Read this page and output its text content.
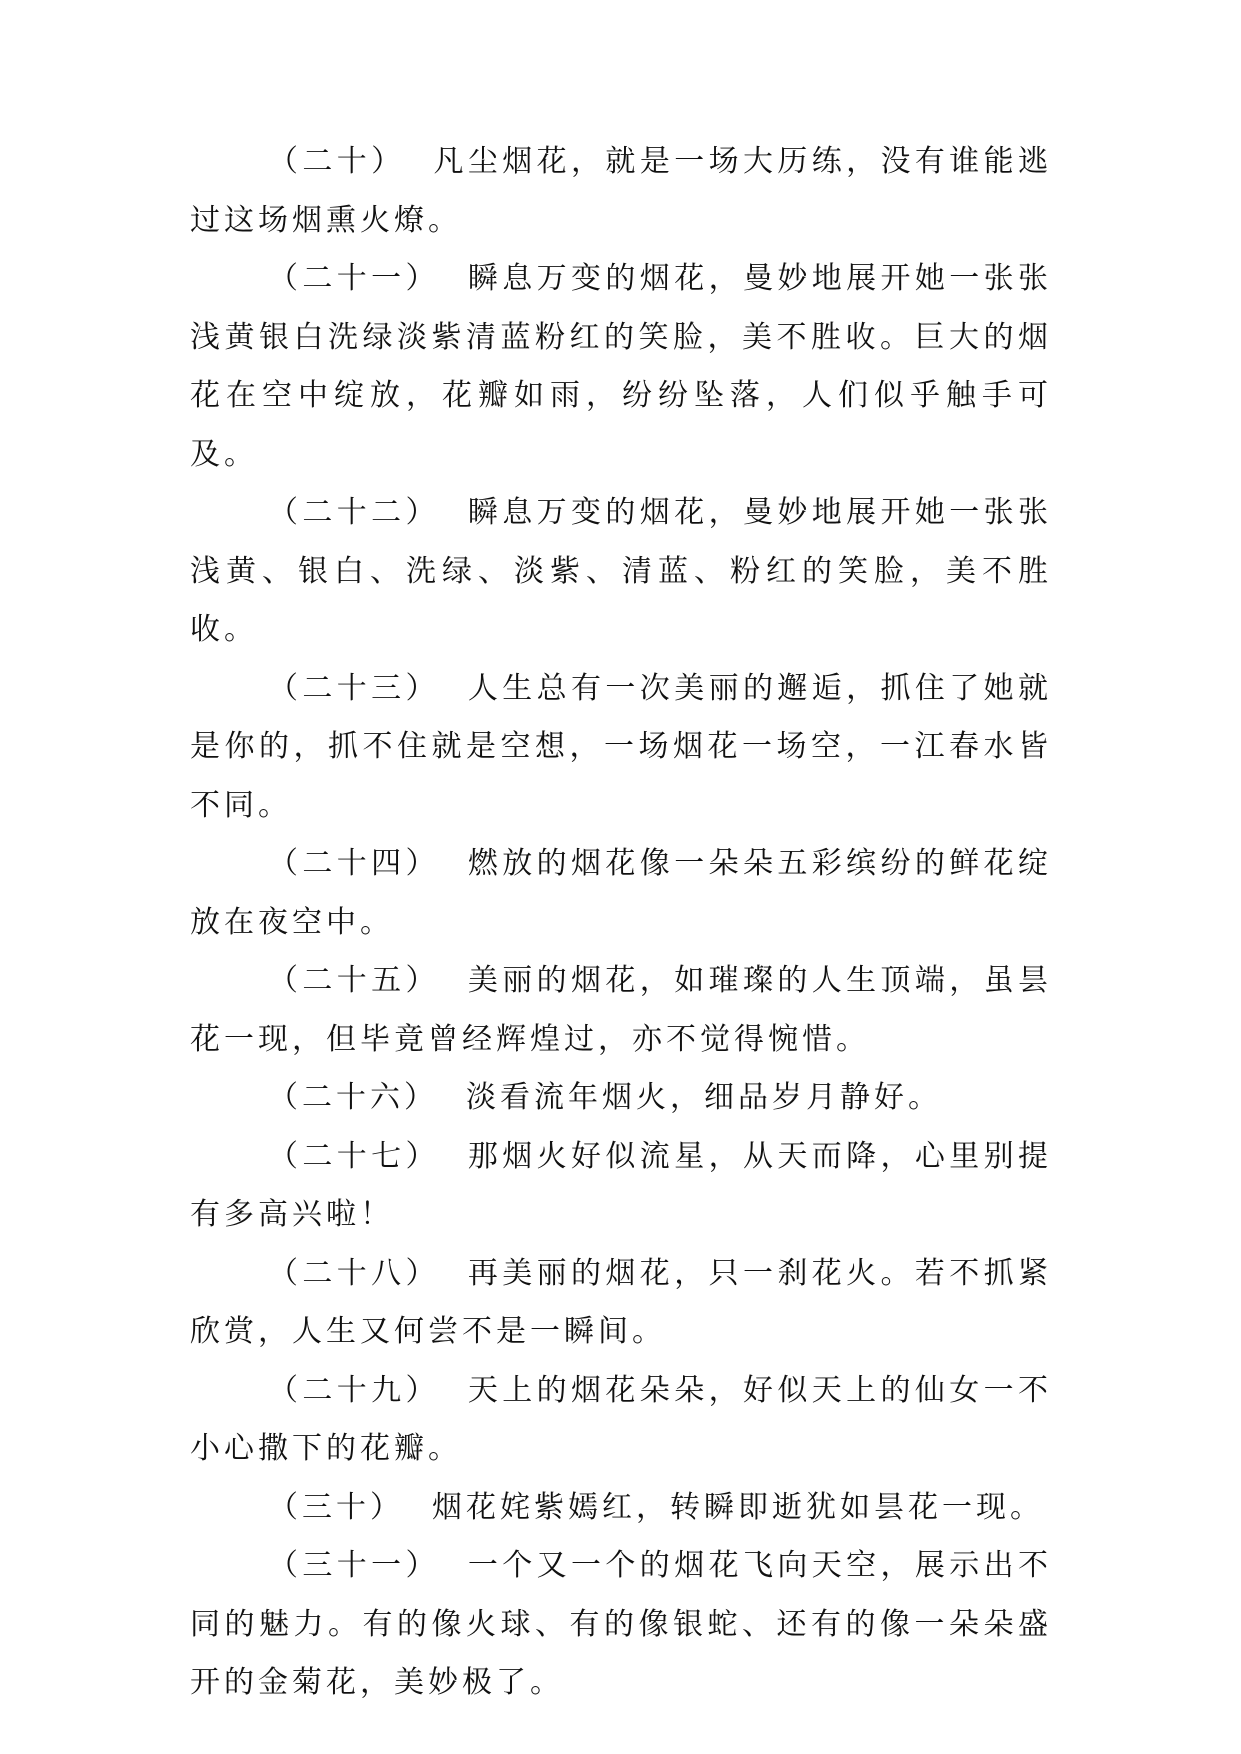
（二十） 凡尘烟花，就是一场大历练，没有谁能逃过这场烟熏火燎。

（二十一） 瞬息万变的烟花，曼妙地展开她一张张浅黄银白洗绿淡紫清蓝粉红的笑脸，美不胜收。巨大的烟花在空中绽放，花瓣如雨，纷纷坠落，人们似乎触手可及。

（二十二） 瞬息万变的烟花，曼妙地展开她一张张浅黄、银白、洗绿、淡紫、清蓝、粉红的笑脸，美不胜收。

（二十三） 人生总有一次美丽的邂逅，抓住了她就是你的，抓不住就是空想，一场烟花一场空，一江春水皆不同。

（二十四） 燃放的烟花像一朵朵五彩缤纷的鲜花绽放在夜空中。

（二十五） 美丽的烟花，如璀璨的人生顶端，虽昙花一现，但毕竟曾经辉煌过，亦不觉得惋惜。

（二十六） 淡看流年烟火，细品岁月静好。

（二十七） 那烟火好似流星，从天而降，心里别提有多高兴啦！

（二十八） 再美丽的烟花，只一刹花火。若不抓紧欣赏，人生又何尝不是一瞬间。

（二十九） 天上的烟花朵朵，好似天上的仙女一不小心撒下的花瓣。

（三十） 烟花姹紫嫣红，转瞬即逝犹如昙花一现。

（三十一） 一个又一个的烟花飞向天空，展示出不同的魅力。有的像火球、有的像银蛇、还有的像一朵朵盛开的金菊花，美妙极了。
